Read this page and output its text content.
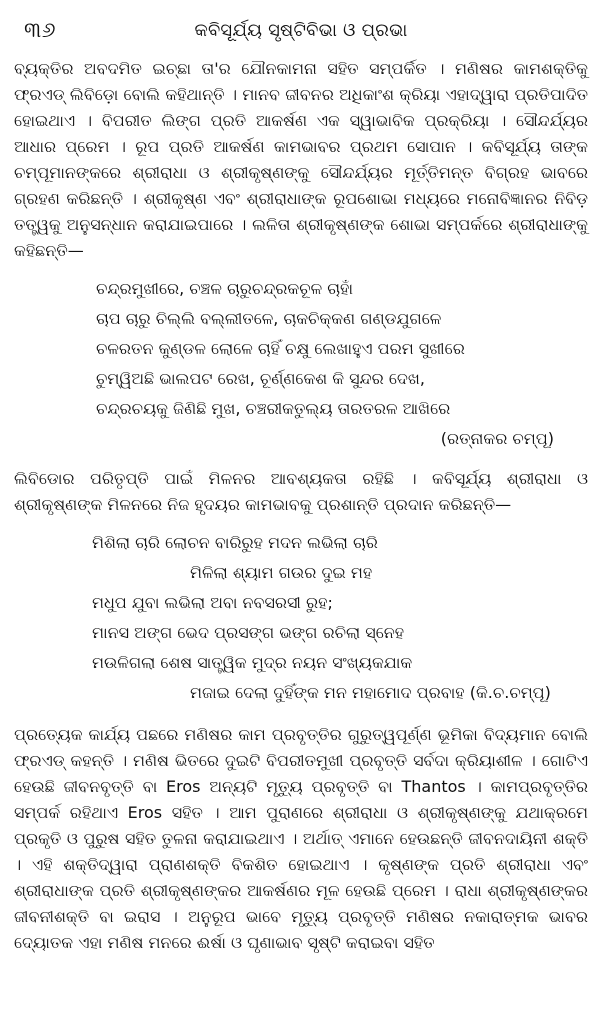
୩୬	କବିସୂର୍ଯ୍ୟ ସୃଷ୍ଟିବିଭା ଓ ପ୍ରଭା
ବ୍ୟକ୍ତିର ଅବଦମିତ ଇଚ୍ଛା ତା'ର ଯୌନକାମନା ସହିତ ସମ୍ପର୍କିତ । ମଣିଷର କାମଶକ୍ତିକୁ ଫ୍ରଏଡ୍ ଲିବିଡ଼ୋ ବୋଲି କହିଥାନ୍ତି । ମାନବ ଜୀବନର ଅଧିକାଂଶ କ୍ରିୟା ଏହାଦ୍ୱାରା ପ୍ରତିପାଦିତ ହୋଇଥାଏ । ବିପରୀତ ଲିଙ୍ଗ ପ୍ରତି ଆକର୍ଷଣ ଏକ ସ୍ୱାଭାବିକ ପ୍ରକ୍ରିୟା । ସୌନ୍ଦର୍ଯ୍ୟର ଆଧାର ପ୍ରେମ । ରୂପ ପ୍ରତି ଆକର୍ଷଣ କାମଭାବର ପ୍ରଥମ ସୋପାନ । କବିସୂର୍ଯ୍ୟ ତାଙ୍କ ଚମ୍ପୂମାନଙ୍କରେ ଶ୍ରୀରାଧା ଓ ଶ୍ରୀକୃଷ୍ଣଙ୍କୁ ସୌନ୍ଦର୍ଯ୍ୟର ମୂର୍ତ୍ତିମନ୍ତ ବିଗ୍ରହ ଭାବରେ ଗ୍ରହଣ କରିଛନ୍ତି । ଶ୍ରୀକୃଷ୍ଣ ଏବଂ ଶ୍ରୀରାଧାଙ୍କ ରୂପଶୋଭା ମଧ୍ୟରେ ମନୋବିଜ୍ଞାନର ନିବିଡ଼ ତତ୍ତ୍ୱକୁ ଅନୁସନ୍ଧାନ କରାଯାଇପାରେ । ଲଳିତା ଶ୍ରୀକୃଷ୍ଣଙ୍କ ଶୋଭା ସମ୍ପର୍କରେ ଶ୍ରୀରାଧାଙ୍କୁ କହିଛନ୍ତି—
ଚନ୍ଦ୍ରମୁଖୀରେ, ଚଞ୍ଚଳ ଚାରୁଚନ୍ଦ୍ରକଚୂଳ ଚାହାଁ
ଚାପ ଚାରୁ ଚିଲ୍ଲି ବଲ୍ଲୀତଳେ, ଚାକଚିକ୍କଣ ଗଣ୍ଡଯୁଗଳେ
ଚଳରତନ କୁଣ୍ଡଳ ଲୋଳେ ଚାହିଁ ଚକ୍ଷୁ ଲେଖାହୁଏ ପରମ ସୁଖୀରେ
ଚୁମ୍ୱିଅଛି ଭାଲପଟ ରେଖ, ଚୂର୍ଣ୍ଣକେଶ କି ସୁନ୍ଦର ଦେଖ,
ଚନ୍ଦ୍ରଚୟକୁ ଜିଣିଛି ମୁଖ, ଚଞ୍ଚରୀକତୁଲ୍ୟ ତାରତରଳ ଆଖିରେ
(ରତ୍ନାକର ଚମ୍ପୂ)
ଲିବିଡୋର ପରିତୃପ୍ତି ପାଇଁ ମିଳନର ଆବଶ୍ୟକତା ରହିଛି । କବିସୂର୍ଯ୍ୟ ଶ୍ରୀରାଧା ଓ ଶ୍ରୀକୃଷ୍ଣଙ୍କ ମିଳନରେ ନିଜ ହୃଦୟର କାମଭାବକୁ ପ୍ରଶାନ୍ତି ପ୍ରଦାନ କରିଛନ୍ତି—
ମିଶିଲା ଚାରି ଲୋଚନ ବାରିରୁହ ମଦନ ଲଭିଲା ଚାରି
ମିଳିଲା ଶ୍ୟାମ ଗଉର ଦୁଇ ମହ
ମଧୁପ ଯୁବା ଲଭିଲା ଅବା ନବସରସୀ ରୁହ;
ମାନସ ଅଙ୍ଗ ଭେଦ ପ୍ରସଙ୍ଗ ଭଙ୍ଗ ରଚିଲା ସ୍ନେହ
ମଉଳିଗଲା ଶେଷ ସାତ୍ତ୍ୱିକ ମୁଦ୍ର ନୟନ ସଂଖ୍ୟକଯାକ
ମଜାଇ ଦେଲା ଦୁହିଁଙ୍କ ମନ ମହାମୋଦ ପ୍ରବାହ (କି.ଚ.ଚମ୍ପୂ)
ପ୍ରତ୍ୟେକ କାର୍ଯ୍ୟ ପଛରେ ମଣିଷର କାମ ପ୍ରବୃତ୍ତିର ଗୁରୁତ୍ୱପୂର୍ଣ୍ଣ ଭୂମିକା ବିଦ୍ୟମାନ ବୋଲି ଫ୍ରଏଡ୍ କହନ୍ତି । ମଣିଷ ଭିତରେ ଦୁଇଟି ବିପରୀତମୁଖୀ ପ୍ରବୃତ୍ତି ସର୍ବଦା କ୍ରିୟାଶୀଳ । ଗୋଟିଏ ହେଉଛି ଜୀବନବୃତ୍ତି ବା Eros ଅନ୍ୟଟି ମୃତ୍ୟୁ ପ୍ରବୃତ୍ତି ବା Thantos । କାମପ୍ରବୃତ୍ତିର ସମ୍ପର୍କ ରହିଥାଏ Eros ସହିତ । ଆମ ପୁରାଣରେ ଶ୍ରୀରାଧା ଓ ଶ୍ରୀକୃଷ୍ଣଙ୍କୁ ଯଥାକ୍ରମେ ପ୍ରକୃତି ଓ ପୁରୁଷ ସହିତ ତୁଳନା କରାଯାଇଥାଏ । ଅର୍ଥାତ୍ ଏମାନେ ହେଉଛନ୍ତି ଜୀବନଦାୟିନୀ ଶକ୍ତି । ଏହି ଶକ୍ତିଦ୍ୱାରା ପ୍ରାଣଶକ୍ତି ବିକଶିତ ହୋଇଥାଏ । କୃଷ୍ଣଙ୍କ ପ୍ରତି ଶ୍ରୀରାଧା ଏବଂ ଶ୍ରୀରାଧାଙ୍କ ପ୍ରତି ଶ୍ରୀକୃଷ୍ଣଙ୍କର ଆକର୍ଷଣର ମୂଳ ହେଉଛି ପ୍ରେମ । ରାଧା ଶ୍ରୀକୃଷ୍ଣଙ୍କର ଜୀବନୀଶକ୍ତି ବା ଇରାସ । ଅନୁରୂପ ଭାବେ ମୃତ୍ୟୁ ପ୍ରବୃତ୍ତି ମଣିଷର ନକାରାତ୍ମକ ଭାବର ଦ୍ୟୋତକ ଏହା ମଣିଷ ମନରେ ଈର୍ଷା ଓ ଘୃଣାଭାବ ସୃଷ୍ଟି କରାଇବା ସହିତ
